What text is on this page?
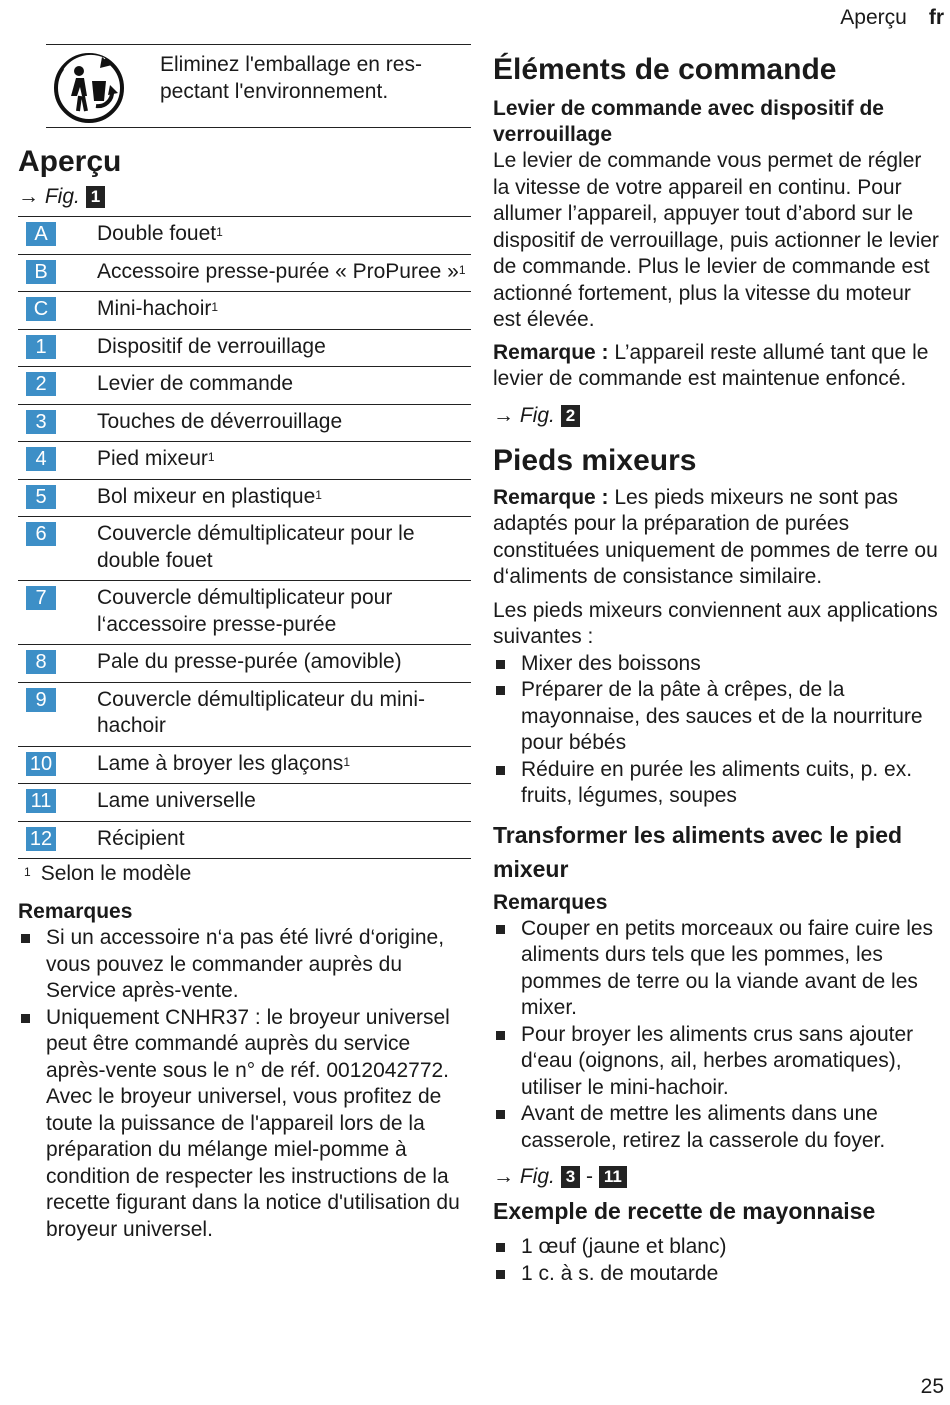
Aperçu fr
Eliminez l'emballage en res-
pectant l'environnement.
Aperçu
→ Fig. 1
A	Double fouet$^1$
B	Accessoire presse-purée « ProPuree »$^1$
C	Mini-hachoir$^1$
1	Dispositif de verrouillage
2	Levier de commande
3	Touches de déverrouillage
4	Pied mixeur$^1$
5	Bol mixeur en plastique$^1$
6	Couvercle démultiplicateur pour le double fouet
7	Couvercle démultiplicateur pour l‘accessoire presse-purée
8	Pale du presse-purée (amovible)
9	Couvercle démultiplicateur du mini-hachoir
10	Lame à broyer les glaçons$^1$
11	Lame universelle
12	Récipient
$^1$ Selon le modèle
Remarques
Si un accessoire n‘a pas été livré d‘origine, vous pouvez le commander auprès du Service après-vente.
Uniquement CNHR37 : le broyeur universel peut être commandé auprès du service après-vente sous le n° de réf. 0012042772. Avec le broyeur universel, vous profitez de toute la puissance de l'appareil lors de la préparation du mélange miel-pomme à condition de respecter les instructions de la recette figurant dans la notice d'utilisation du broyeur universel.
Éléments de commande
Levier de commande avec dispositif de verrouillage

Le levier de commande vous permet de régler la vitesse de votre appareil en continu. Pour allumer l’appareil, appuyer tout d’abord sur le dispositif de verrouillage, puis actionner le levier de commande. Plus le levier de commande est actionné fortement, plus la vitesse du moteur est élevée.

Remarque : L’appareil reste allumé tant que le levier de commande est maintenue enfoncé.

→ Fig. 2
Pieds mixeurs

Remarque : Les pieds mixeurs ne sont pas adaptés pour la préparation de purées constituées uniquement de pommes de terre ou d‘aliments de consistance similaire.

Les pieds mixeurs conviennent aux applications suivantes :

Mixer des boissons
Préparer de la pâte à crêpes, de la mayonnaise, des sauces et de la nourriture pour bébés
Réduire en purée les aliments cuits, p. ex. fruits, légumes, soupes
Transformer les aliments avec le pied mixeur
Remarques
Couper en petits morceaux ou faire cuire les aliments durs tels que les pommes, les pommes de terre ou la viande avant de les mixer.
Pour broyer les aliments crus sans ajouter d‘eau (oignons, ail, herbes aromatiques), utiliser le mini-hachoir.
Avant de mettre les aliments dans une casserole, retirez la casserole du foyer.
→ Fig. 3 - 11
Exemple de recette de mayonnaise
1 œuf (jaune et blanc)
1 c. à s. de moutarde
25
